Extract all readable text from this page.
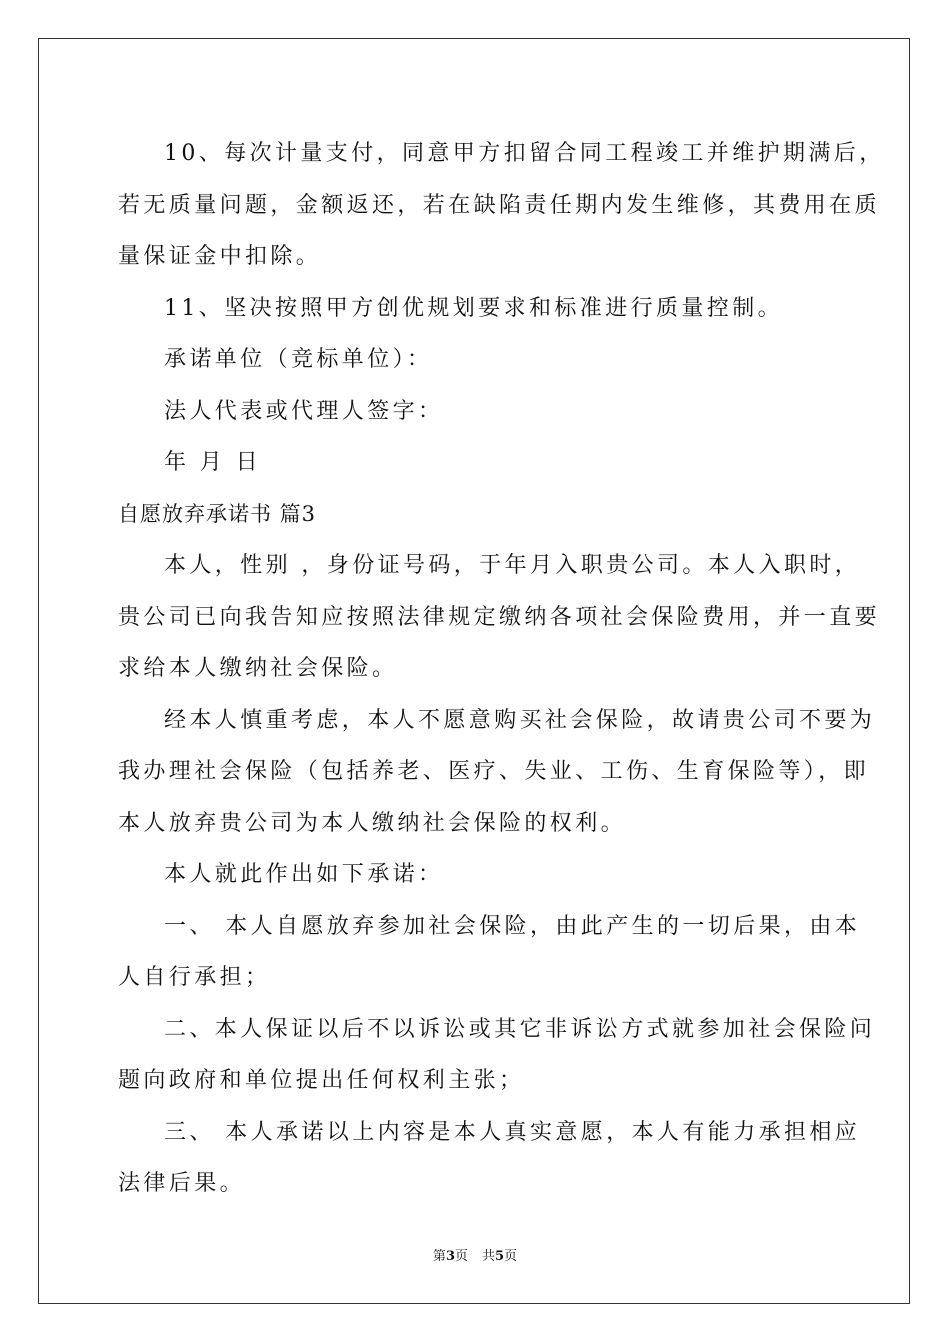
10、每次计量支付，同意甲方扣留合同工程竣工并维护期满后，
若无质量问题，金额返还，若在缺陷责任期内发生维修，其费用在质
量保证金中扣除。
11、坚决按照甲方创优规划要求和标准进行质量控制。
承诺单位（竞标单位）：
法人代表或代理人签字：
年 月 日
自愿放弃承诺书 篇3
本人，性别 ，身份证号码，于年月入职贵公司。本人入职时，
贵公司已向我告知应按照法律规定缴纳各项社会保险费用，并一直要
求给本人缴纳社会保险。
经本人慎重考虑，本人不愿意购买社会保险，故请贵公司不要为
我办理社会保险（包括养老、医疗、失业、工伤、生育保险等），即
本人放弃贵公司为本人缴纳社会保险的权利。
本人就此作出如下承诺：
一、 本人自愿放弃参加社会保险，由此产生的一切后果，由本
人自行承担；
二、本人保证以后不以诉讼或其它非诉讼方式就参加社会保险问
题向政府和单位提出任何权利主张；
三、 本人承诺以上内容是本人真实意愿，本人有能力承担相应
法律后果。
第3页 共5页
